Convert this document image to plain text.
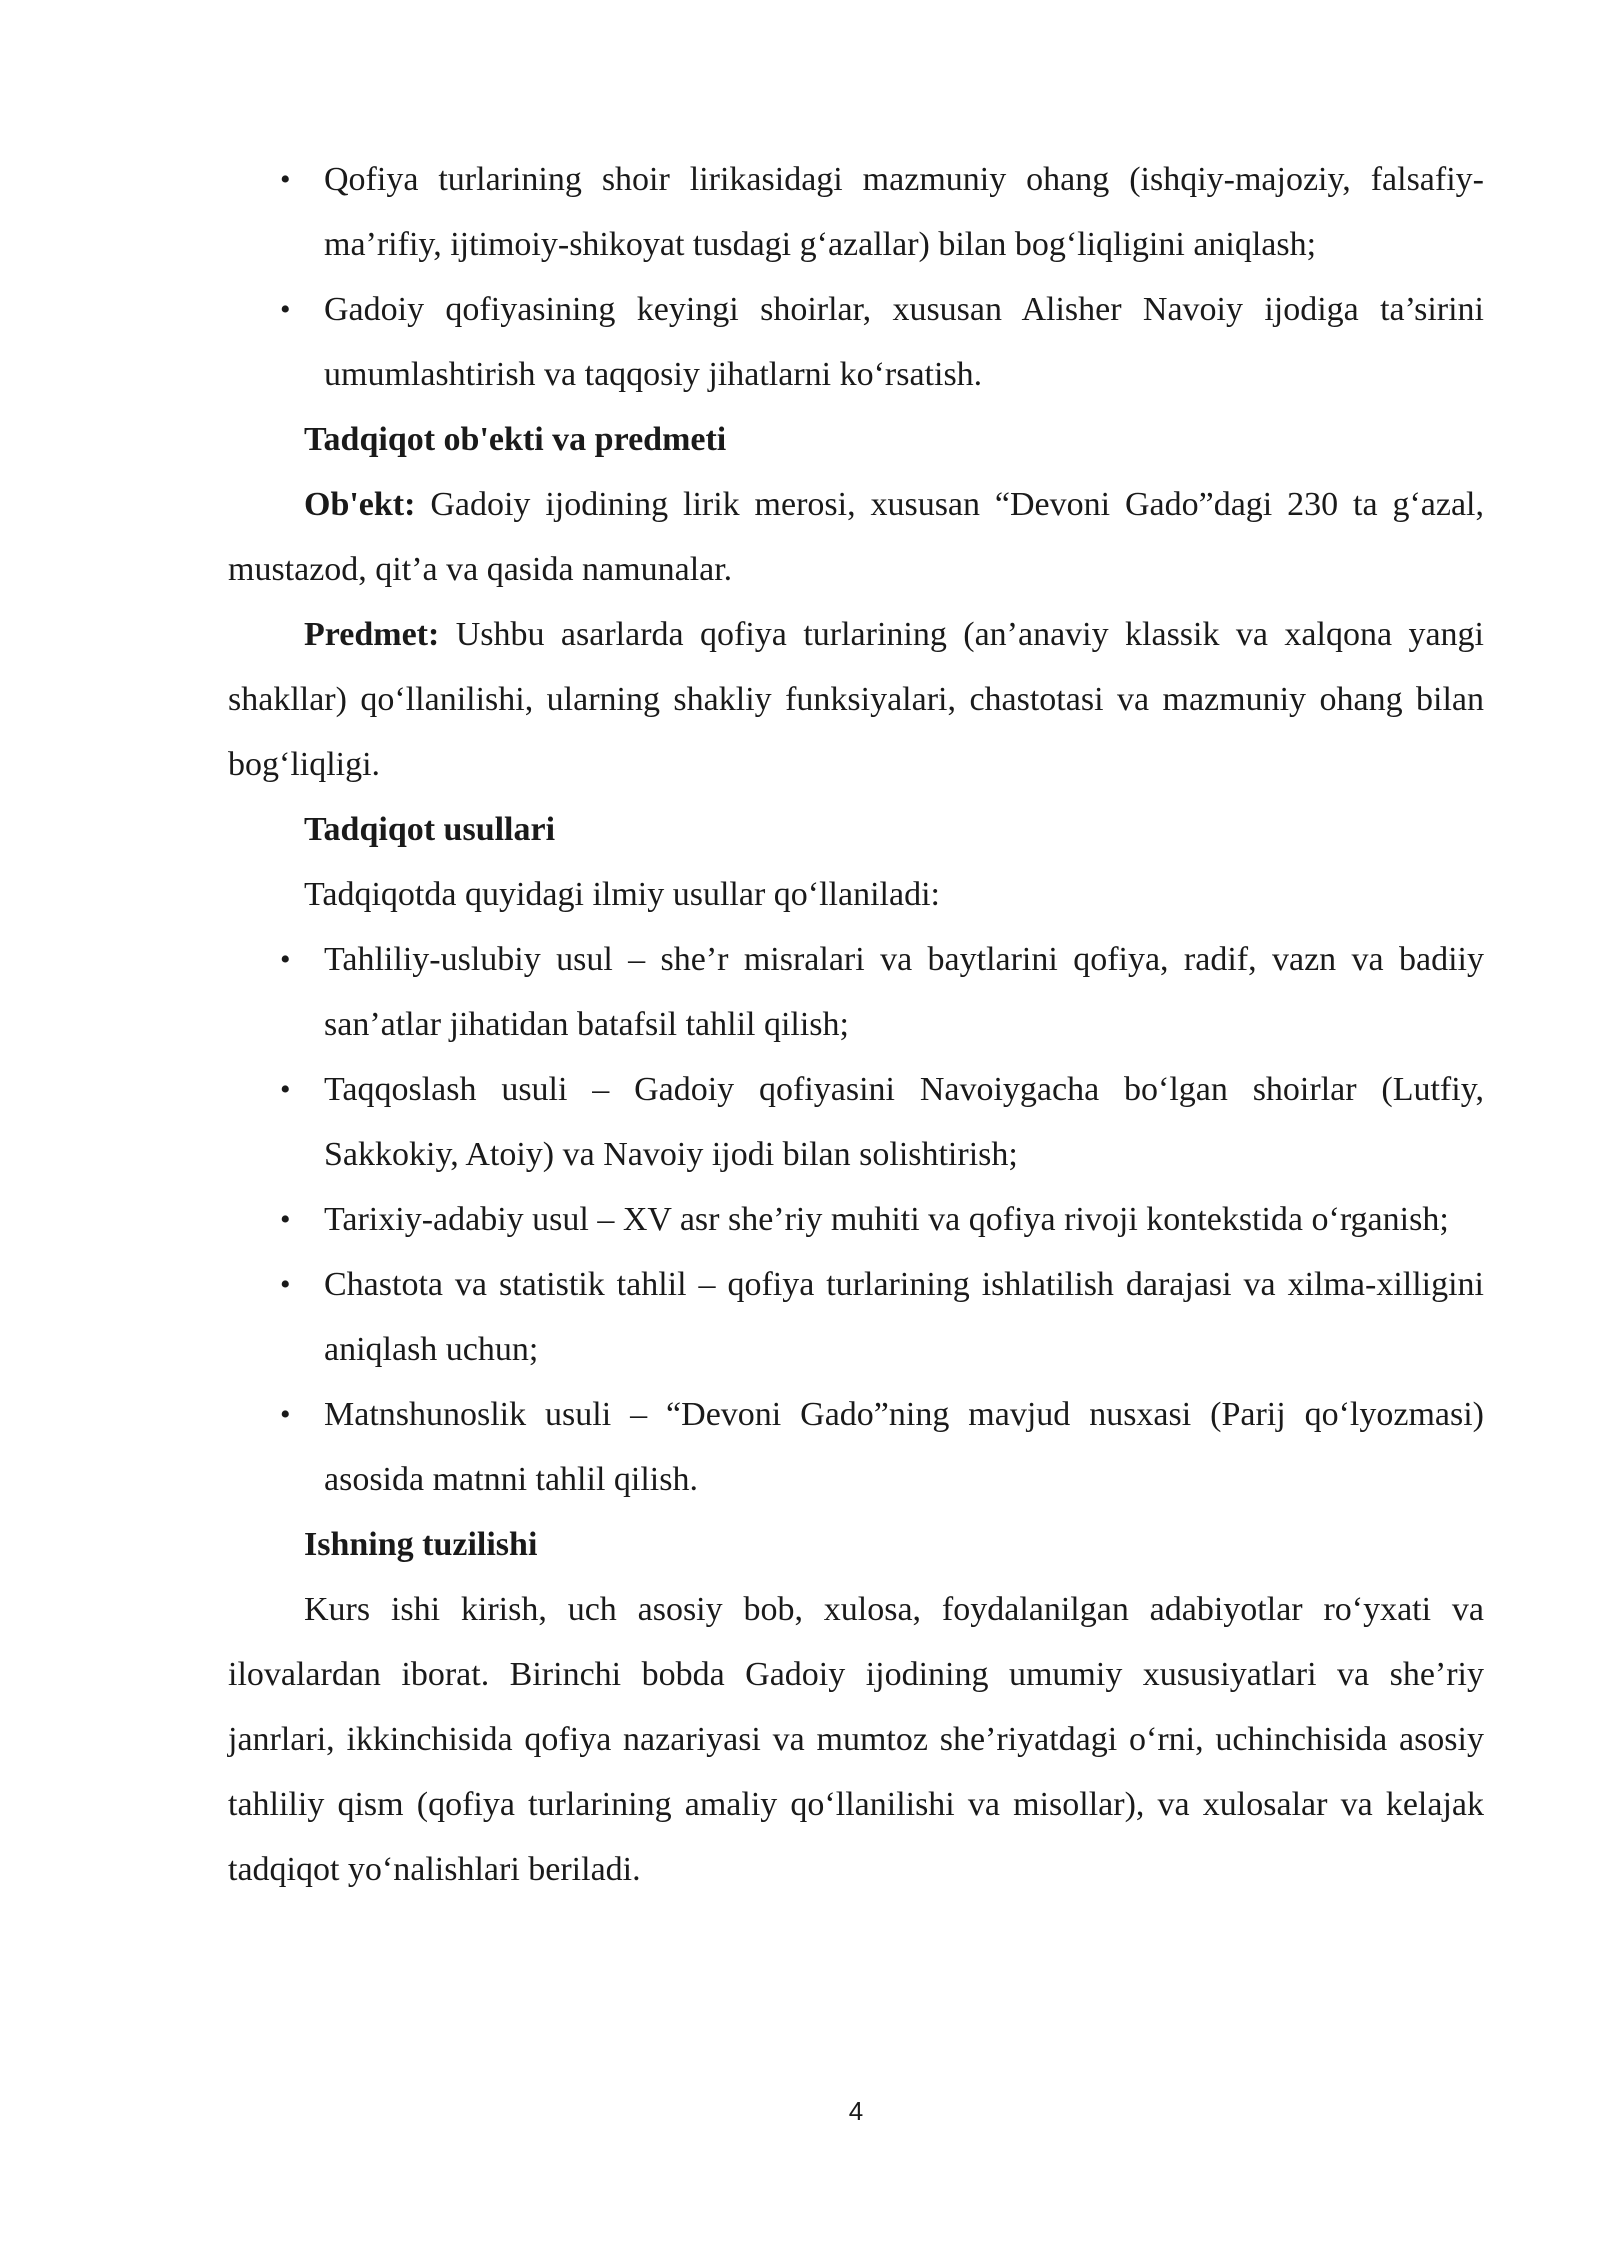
• Qofiya turlarining shoir lirikasidagi mazmuniy ohang (ishqiy-majoziy, falsafiy-ma’rifiy, ijtimoiy-shikoyat tusdagi g‘azallar) bilan bog‘liqligini aniqlash;
• Gadoiy qofiyasining keyingi shoirlar, xususan Alisher Navoiy ijodiga ta’sirini umumlashtirish va taqqosiy jihatlarni ko‘rsatish.
Tadqiqot ob'ekti va predmeti

Ob'ekt: Gadoiy ijodining lirik merosi, xususan “Devoni Gado”dagi 230 ta g‘azal, mustazod, qit’a va qasida namunalar.

Predmet: Ushbu asarlarda qofiya turlarining (an’anaviy klassik va xalqona yangi shakllar) qo‘llanilishi, ularning shakliy funksiyalari, chastotasi va mazmuniy ohang bilan bog‘liqligi.

Tadqiqot usullari

Tadqiqotda quyidagi ilmiy usullar qo‘llaniladi:

• Tahliliy-uslubiy usul – she’r misralari va baytlarini qofiya, radif, vazn va badiiy san’atlar jihatidan batafsil tahlil qilish;
• Taqqoslash usuli – Gadoiy qofiyasini Navoiygacha bo‘lgan shoirlar (Lutfiy, Sakkokiy, Atoiy) va Navoiy ijodi bilan solishtirish;
• Tarixiy-adabiy usul – XV asr she’riy muhiti va qofiya rivoji kontekstida o‘rganish;
• Chastota va statistik tahlil – qofiya turlarining ishlatilish darajasi va xilma-xilligini aniqlash uchun;
• Matnshunoslik usuli – “Devoni Gado”ning mavjud nusxasi (Parij qo‘lyozmasi) asosida matnni tahlil qilish.
Ishning tuzilishi

Kurs ishi kirish, uch asosiy bob, xulosa, foydalanilgan adabiyotlar ro‘yxati va ilovalardan iborat. Birinchi bobda Gadoiy ijodining umumiy xususiyatlari va she’riy janrlari, ikkinchisida qofiya nazariyasi va mumtoz she’riyatdagi o‘rni, uchinchisida asosiy tahliliy qism (qofiya turlarining amaliy qo‘llanilishi va misollar), va xulosalar va kelajak tadqiqot yo‘nalishlari beriladi.

4
